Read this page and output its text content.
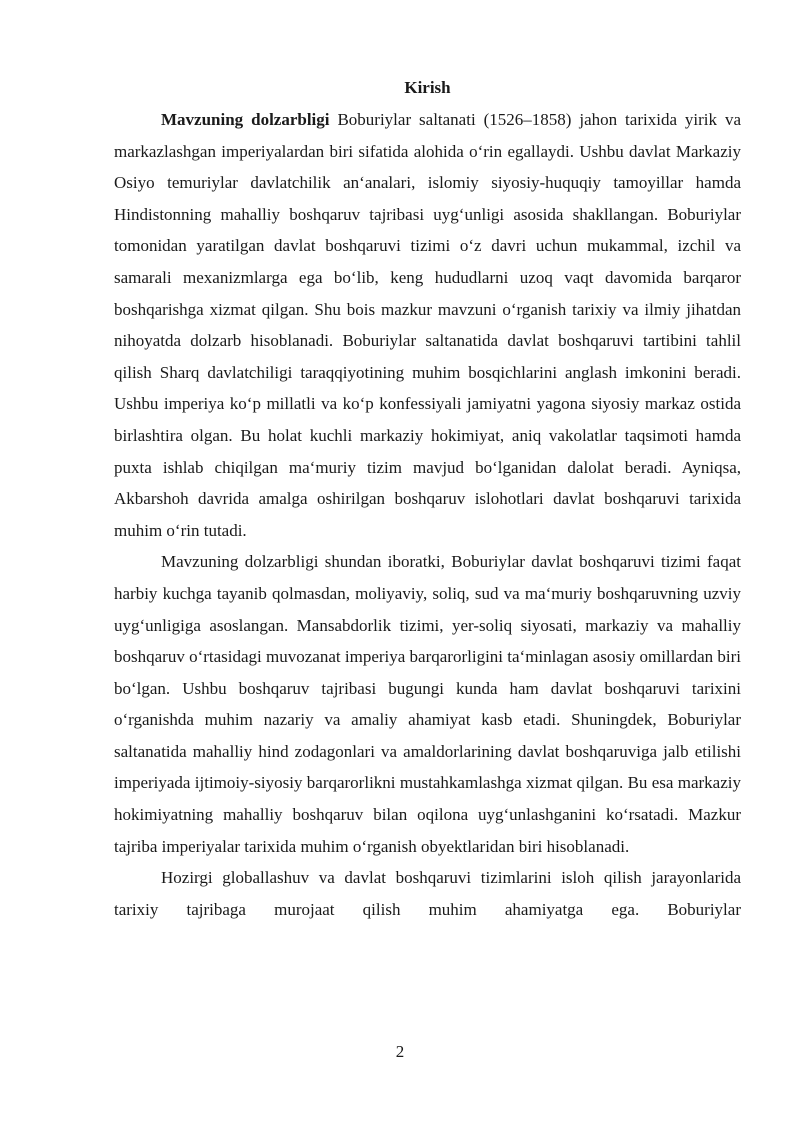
Kirish

Mavzuning dolzarbligi Boburiylar saltanati (1526–1858) jahon tarixida yirik va markazlashgan imperiyalardan biri sifatida alohida oʻrin egallaydi. Ushbu davlat Markaziy Osiyo temuriylar davlatchilik anʻanalari, islomiy siyosiy-huquqiy tamoyillar hamda Hindistonning mahalliy boshqaruv tajribasi uygʻunligi asosida shakllangan. Boburiylar tomonidan yaratilgan davlat boshqaruvi tizimi oʻz davri uchun mukammal, izchil va samarali mexanizmlarga ega boʻlib, keng hududlarni uzoq vaqt davomida barqaror boshqarishga xizmat qilgan. Shu bois mazkur mavzuni oʻrganish tarixiy va ilmiy jihatdan nihoyatda dolzarb hisoblanadi. Boburiylar saltanatida davlat boshqaruvi tartibini tahlil qilish Sharq davlatchiligi taraqqiyotining muhim bosqichlarini anglash imkonini beradi. Ushbu imperiya koʻp millatli va koʻp konfessiyali jamiyatni yagona siyosiy markaz ostida birlashtira olgan. Bu holat kuchli markaziy hokimiyat, aniq vakolatlar taqsimoti hamda puxta ishlab chiqilgan maʻmuriy tizim mavjud boʻlganidan dalolat beradi. Ayniqsa, Akbarshoh davrida amalga oshirilgan boshqaruv islohotlari davlat boshqaruvi tarixida muhim oʻrin tutadi.

Mavzuning dolzarbligi shundan iboratki, Boburiylar davlat boshqaruvi tizimi faqat harbiy kuchga tayanib qolmasdan, moliyaviy, soliq, sud va maʻmuriy boshqaruvning uzviy uygʻunligiga asoslangan. Mansabdorlik tizimi, yer-soliq siyosati, markaziy va mahalliy boshqaruv oʻrtasidagi muvozanat imperiya barqarorligini taʻminlagan asosiy omillardan biri boʻlgan. Ushbu boshqaruv tajribasi bugungi kunda ham davlat boshqaruvi tarixini oʻrganishda muhim nazariy va amaliy ahamiyat kasb etadi. Shuningdek, Boburiylar saltanatida mahalliy hind zodagonlari va amaldorlarining davlat boshqaruviga jalb etilishi imperiyada ijtimoiy-siyosiy barqarorlikni mustahkamlashga xizmat qilgan. Bu esa markaziy hokimiyatning mahalliy boshqaruv bilan oqilona uygʻunlashganini koʻrsatadi. Mazkur tajriba imperiyalar tarixida muhim oʻrganish obyektlaridan biri hisoblanadi.

Hozirgi globallashuv va davlat boshqaruvi tizimlarini isloh qilish jarayonlarida tarixiy tajribaga murojaat qilish muhim ahamiyatga ega. Boburiylar

2
